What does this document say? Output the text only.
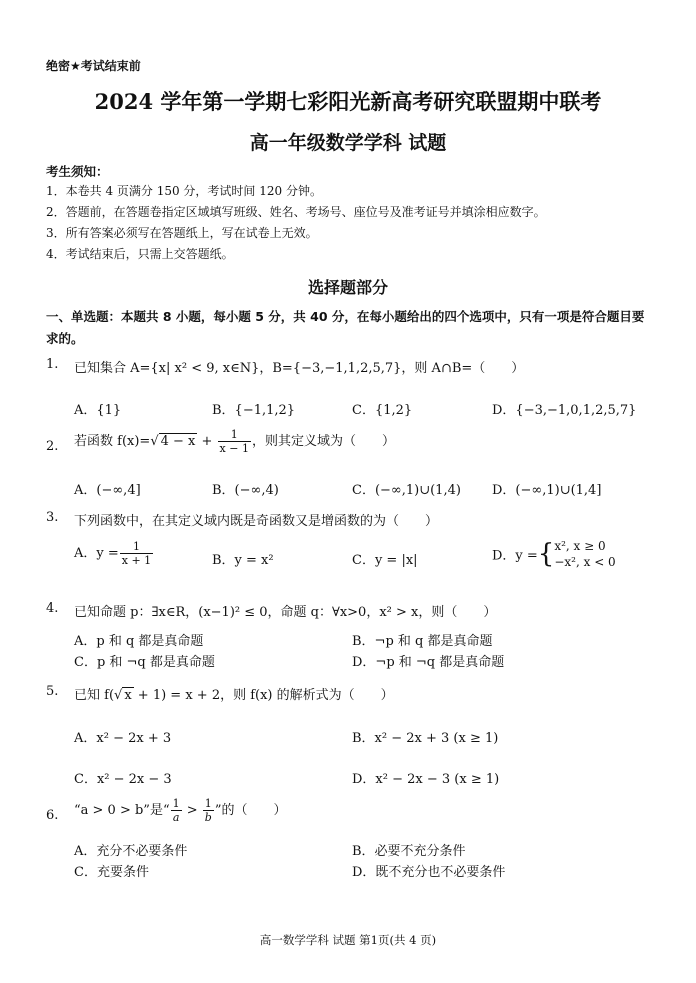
绝密★考试结束前
2024 学年第一学期七彩阳光新高考研究联盟期中联考
高一年级数学学科 试题
考生须知：
1．本卷共 4 页满分 150 分，考试时间 120 分钟。
2．答题前，在答题卷指定区域填写班级、姓名、考场号、座位号及准考证号并填涂相应数字。
3．所有答案必须写在答题纸上，写在试卷上无效。
4．考试结束后，只需上交答题纸。
选择题部分
一、单选题：本题共 8 小题，每小题 5 分，共 40 分，在每小题给出的四个选项中，只有一项是符合题目要求的。
1. 已知集合 A={x| x² < 9, x∈N}，B={−3,−1,1,2,5,7}，则 A∩B=（　　）
A．{1}	B．{−1,1,2}	C．{1,2}	D．{−3,−1,0,1,2,5,7}
2. 若函数 f(x)=√ $4 - x + \frac{1}{x - 1}$ ，则其定义域为（　　）
A．(−∞,4]	B．(−∞,4)	C．(−∞,1)∪(1,4) D．(−∞,1)∪(1,4]
3. 下列函数中，在其定义域内既是奇函数又是增函数的为（　　）
A．$y = \frac{1}{x + 1}$	B．y = x²	C．y = |x|	D．y ={ x², x ≥ 0
−x², x < 0
4. 已知命题 p：∃x∈R，(x−1)² ≤ 0，命题 q：∀x>0，x² > x，则（　　）
A．p 和 q 都是真命题	B．¬p 和 q 都是真命题
C．p 和 ¬q 都是真命题	D．¬p 和 ¬q 都是真命题
5. 已知 f(√ x + 1) = x + 2，则 f(x) 的解析式为（　　）
A．x² − 2x + 3	B．x² − 2x + 3 (x ≥ 1)
C．x² − 2x − 3	D．x² − 2x − 3 (x ≥ 1)
6. “a > 0 > b”是“ $\frac{1}{a} > \frac{1}{b}$ ”的（　　）
A．充分不必要条件	B．必要不充分条件
C．充要条件	D．既不充分也不必要条件
高一数学学科 试题 第1页(共 4 页)
